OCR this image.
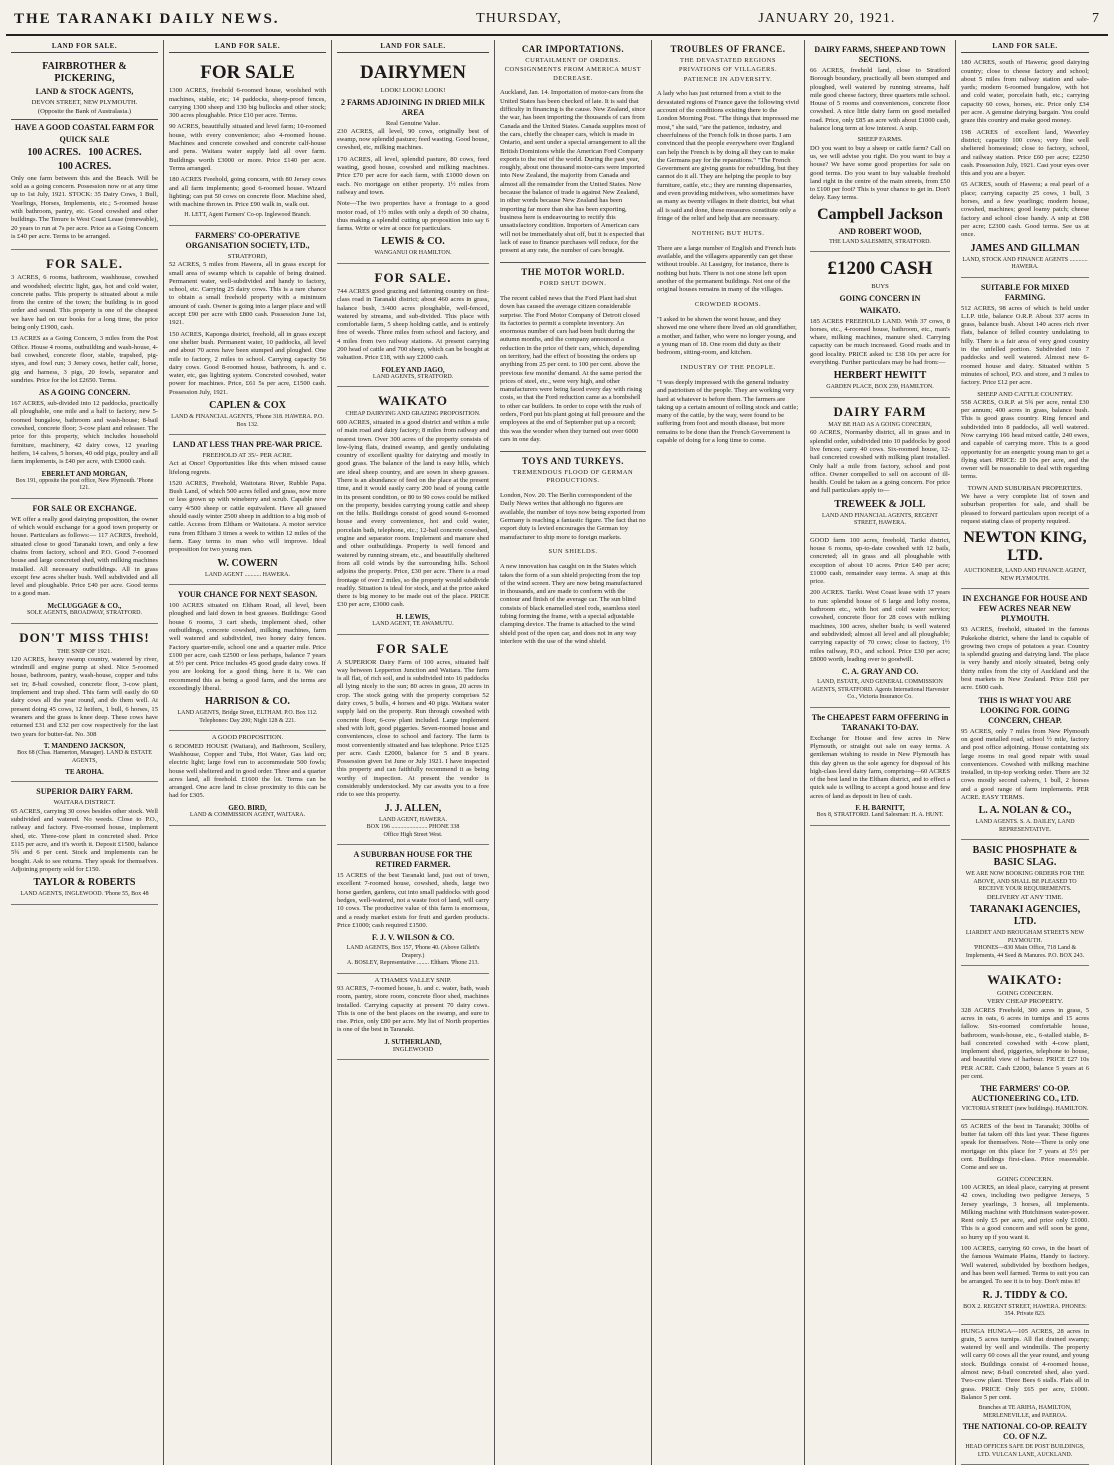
THE TARANAKI DAILY NEWS.	THURSDAY,	JANUARY 20, 1921.	7
LAND FOR SALE.
FAIRBROTHER & PICKERING,
LAND & STOCK AGENTS,
DEVON STREET, NEW PLYMOUTH.
(Opposite the Bank of Australasia.)
HAVE A GOOD COASTAL FARM FOR
QUICK SALE
100 ACRES. 100 ACRES.
100 ACRES.

Only one farm between this and the Beach. Will be sold as a going concern. Possession now or at any time up to 1st July, 1921. STOCK: 35 Dairy Cows, 1 Bull, Yearlings, Horses, Implements, etc.; 5-roomed house with bathroom, pantry, etc. Good cowshed and other buildings. The Tenure is West Coast Lease (renewable), 20 years to run at 7s per acre. Price as a Going Concern is £40 per acre. Terms to be arranged.

FOR SALE.

3 ACRES, 6 rooms, bathroom, washhouse, cowshed and woodshed; electric light, gas, hot and cold water, concrete paths. This property is situated about a mile from the centre of the town; the building is in good order and sound. This property is one of the cheapest we have had on our books for a long time, the price being only £1900, cash.

13 ACRES as a Going Concern, 3 miles from the Post Office. House 4 rooms, outbuilding and wash-house, 4-bail cowshed, concrete floor, stable, trapshed, pig-styes, and fowl run; 3 Jersey cows, heifer calf, horse, gig and harness, 3 pigs, 20 fowls, separator and sundries. Price for the lot £2650. Terms.

AS A GOING CONCERN.

167 ACRES, sub-divided into 12 paddocks, practically all ploughable, one mile and a half to factory; new 5-roomed bungalow, bathroom and wash-house; 8-bail cowshed, concrete floor; 3-cow plant and releaser. The price for this property, which includes household furniture, machinery, 42 dairy cows, 12 yearling heifers, 14 calves, 5 horses, 40 odd pigs, poultry and all farm implements, is £40 per acre, with £3000 cash.

EBERLET AND MORGAN,
Box 191, opposite the post office, New Plymouth. 'Phone 121.
FOR SALE OR EXCHANGE.

WE offer a really good dairying proposition, the owner of which would exchange for a good town property or house. Particulars as follows:— 117 ACRES, freehold, situated close to good Taranaki town, and only a few chains from factory, school and P.O. Good 7-roomed house and large concreted shed, with milking machines installed. All necessary outbuildings. All in grass except few acres shelter bush. Well subdivided and all level and ploughable. Price £40 per acre. Good terms to a good man.

McCLUGGAGE & CO.,
SOLE AGENTS, BROADWAY, STRATFORD.
DON'T MISS THIS!
THE SNIP OF 1921.

120 ACRES, heavy swamp country, watered by river, windmill and engine pump at shed. Nice 5-roomed house, bathroom, pantry, wash-house, copper and tubs set in; 8-bail cowshed, concrete floor, 3-cow plant, implement and trap shed. This farm will easily do 60 dairy cows all the year round, and do them well. At present doing 45 cows, 12 heifers, 1 bull, 6 horses, 15 weaners and the grass is knee deep. These cows have returned £31 and £32 per cow respectively for the last two years for butter-fat. No. 308

T. MANDENO JACKSON,
Box 68 (Chas. Hamerton, Manager). LAND & ESTATE AGENTS,
TE AROHA.
SUPERIOR DAIRY FARM.
WAITARA DISTRICT.

65 ACRES, carrying 30 cows besides other stock. Well subdivided and watered. No weeds. Close to P.O., railway and factory. Five-roomed house, implement shed, etc. Three-cow plant in concreted shed. Price £115 per acre, and it's worth it. Deposit £1500, balance 5¾ and 6 per cent. Stock and implements can be bought. Ask to see returns. They speak for themselves. Adjoining property sold for £150.

TAYLOR & ROBERTS
LAND AGENTS, INGLEWOOD. 'Phone 55, Box 48
LAND FOR SALE.
FOR SALE

1300 ACRES, freehold 6-roomed house, woolshed with machines, stable, etc; 14 paddocks, sheep-proof fences, carrying 1300 sheep and 130 big bullocks and other stock; 300 acres ploughable. Price £10 per acre. Terms.

90 ACRES, beautifully situated and level farm; 10-roomed house, with every convenience; also 4-roomed house. Machines and concrete cowshed and concrete calf-house and pens. Waitara water supply laid all over farm. Buildings worth £3000 or more. Price £140 per acre. Terms arranged.

180 ACRES Freehold, going concern, with 80 Jersey cows and all farm implements; good 6-roomed house. Wizard lighting; can put 50 cows on concrete floor. Machine shed, with machine thrown in. Price £90 walk in, walk out.

H. LETT, Agent Farmers' Co-op. Inglewood Branch.
FARMERS' CO-OPERATIVE ORGANISATION SOCIETY, LTD.,
STRATFORD,

52 ACRES, 5 miles from Hawera, all in grass except for small area of swamp which is capable of being drained. Permanent water, well-subdivided and handy to factory, school, etc. Carrying 25 dairy cows. This is a rare chance to obtain a small freehold property with a minimum amount of cash. Owner is going into a larger place and will accept £90 per acre with £800 cash. Possession June 1st, 1921.

150 ACRES, Kaponga district, freehold, all in grass except one shelter bush. Permanent water, 10 paddocks, all level and about 70 acres have been stumped and ploughed. One mile to factory, 2 miles to school. Carrying capacity 56 dairy cows. Good 8-roomed house, bathroom, h. and c. water, etc, gas lighting system. Concreted cowshed, water power for machines. Price, £61 5s per acre, £1500 cash. Possession July, 1921.

CAPLEN & COX
LAND & FINANCIAL AGENTS, 'Phone 318. HAWERA. P.O. Box 132.
LAND AT LESS THAN PRE-WAR PRICE.
FREEHOLD AT 35/- PER ACRE.

Act at Once! Opportunities like this when missed cause lifelong regrets.

1520 ACRES, Freehold, Waitotara River, Rubble Papa. Bush Land, of which 500 acres felled and grass, now more or less grown up with wineberry and scrub. Capable now carry 4/500 sheep or cattle equivalent. Have all grassed should easily winter 2500 sheep in addition to a big mob of cattle. Access from Eltham or Waitotara. A motor service runs from Eltham 3 times a week to within 12 miles of the farm. Easy terms to man who will improve. Ideal proposition for two young men.

W. COWERN
LAND AGENT ........... HAWERA.
YOUR CHANCE FOR NEXT SEASON.

100 ACRES situated on Eltham Road, all level, been ploughed and laid down in best grasses. Buildings: Good house 6 rooms, 3 cart sheds, implement shed, other outbuildings, concrete cowshed, milking machines, farm well watered and subdivided, two honey dairy fences. Factory quarter-mile, school one and a quarter mile. Price £100 per acre, cash £2500 or less perhaps, balance 7 years at 5½ per cent. Price includes 45 good grade dairy cows. If you are looking for a good thing, here it is. We can recommend this as being a good farm, and the terms are exceedingly liberal.

HARRISON & CO.
LAND AGENTS, Bridge Street, ELTHAM. P.O. Box 112. Telephones: Day 200; Night 128 & 221.
A GOOD PROPOSITION.

6 ROOMED HOUSE (Waitara), and Bathroom, Scullery, Washhouse, Copper and Tubs, Hot Water, Gas laid on; electric light; large fowl run to accommodate 500 fowls; house well sheltered and in good order. Three and a quarter acres land, all freehold. £1600 the lot. Terms can be arranged. One acre land in close proximity to this can be had for £305.

GEO. BIRD,
LAND & COMMISSION AGENT, WAITARA.
LAND FOR SALE.
DAIRYMEN
LOOK! LOOK! LOOK!
2 FARMS ADJOINING IN DRIED MILK AREA
Real Genuine Value.

230 ACRES, all level, 90 cows, originally best of swamp, now splendid pasture; feed wasting. Good house, cowshed, etc, milking machines.

170 ACRES, all level, splendid pasture, 80 cows, feed wasting, good house, cowshed and milking machines. Price £70 per acre for each farm, with £1000 down on each. No mortgage on either property. 1½ miles from railway and town.

Note—The two properties have a frontage to a good motor road, of 1½ miles with only a depth of 30 chains, thus making a splendid cutting up proposition into say 6 farms. Write or wire at once for particulars.

LEWIS & CO.
WANGANUI OR HAMILTON.
FOR SALE.

744 ACRES good grazing and fattening country on first-class road in Taranaki district; about 460 acres in grass, balance bush, 3/400 acres ploughable, well-fenced, watered by streams, and sub-divided. This place with comfortable farm, 5 sheep holding cattle, and is entirely free of weeds. Three miles from school and factory, and 4 miles from two railway stations. At present carrying 200 head of cattle and 700 sheep, which can be bought at valuation. Price £18, with say £2000 cash.

FOLEY AND JAGO,
LAND AGENTS, STRATFORD.
WAIKATO
CHEAP DAIRYING AND GRAZING PROPOSITION.

600 ACRES, situated in a good district and within a mile of main road and dairy factory; 8 miles from railway and nearest town. Over 300 acres of the property consists of low-lying flats, drained swamp, and gently undulating country of excellent quality for dairying and mostly in good grass. The balance of the land is easy hills, which are ideal sheep country, and are sown in sheep grasses. There is an abundance of feed on the place at the present time, and it would easily carry 200 head of young cattle in its present condition, or 80 to 90 cows could be milked on the property, besides carrying young cattle and sheep on the hills. Buildings consist of good sound 6-roomed house and every convenience, hot and cold water, porcelain bath, telephone, etc.; 12-bail concrete cowshed, engine and separator room. Implement and manure shed and other outbuildings. Property is well fenced and watered by running stream, etc., and beautifully sheltered from all cold winds by the surrounding hills. School adjoins the property. Price, £30 per acre. There is a road frontage of over 2 miles, so the property would subdivide readily. Situation is ideal for stock, and at the price asked there is big money to be made out of the place. PRICE £30 per acre, £3000 cash.

H. LEWIS,
LAND AGENT, TE AWAMUTU.
FOR SALE

A SUPERIOR Dairy Farm of 100 acres, situated half way between Lepperton Junction and Waitara. The farm is all flat, of rich soil, and is subdivided into 16 paddocks all lying nicely to the sun; 80 acres in grass, 20 acres in crop. The stock going with the property comprises 52 dairy cows, 5 bulls, 4 horses and 40 pigs. Waitara water supply laid on the property. Run through cowshed with concrete floor, 6-cow plant included. Large implement shed with loft, good piggeries. Seven-roomed house and conveniences, close to school and factory. The farm is most conveniently situated and has telephone. Price £125 per acre. Cash £2000, balance for 5 and 8 years. Possession given 1st June or July 1921. I have inspected this property and can faithfully recommend it as being worthy of inspection. At present the vendor is considerably understocked. My car awaits you to a free ride to see this property.

J. J. ALLEN,
LAND AGENT, HAWERA.
BOX 196 ........................ PHONE 338
Office High Street West.
A SUBURBAN HOUSE FOR THE RETIRED FARMER.

15 ACRES of the best Taranaki land, just out of town, excellent 7-roomed house, cowshed, sheds, large two horse garden, gardens, cut into small paddocks with good hedges, well-watered, not a waste foot of land, will carry 10 cows. The productive value of this farm is enormous, and a ready market exists for fruit and garden products. Price £1000; cash required £1500.

F. J. V. WILSON & CO.
LAND AGENTS, Box 157, 'Phone 40. (Above Gillett's Drapery.)
A. BOSLEY, Representative ........ Eltham. 'Phone 213.
A THAMES VALLEY SNIP.

93 ACRES, 7-roomed house, h. and c. water, bath, wash room, pantry, store room, concrete floor shed, machines installed. Carrying capacity at present 70 dairy cows. This is one of the best places on the swamp, and sure to rise. Price, only £80 per acre. My list of North properties is one of the best in Taranaki.

J. SUTHERLAND,
INGLEWOOD
CAR IMPORTATIONS.
CURTAILMENT OF ORDERS.
CONSIGNMENTS FROM AMERICA MUST DECREASE.

Auckland, Jan. 14. Importation of motor-cars from the United States has been checked of late. It is said that difficulty in financing is the cause. New Zealand, since the war, has been importing the thousands of cars from Canada and the United States. Canada supplies most of the cars, chiefly the cheaper cars, which is made in Ontario, and sent under a special arrangement to all the British Dominions while the American Ford Company exports to the rest of the world. During the past year, roughly, about one thousand motor-cars were imported into New Zealand, the majority from Canada and almost all the remainder from the United States. Now because the balance of trade is against New Zealand, in other words because New Zealand has been importing far more than she has been exporting, business here is endeavouring to rectify this unsatisfactory condition. Importers of American cars will not be immediately shut off, but it is expected that lack of ease to finance purchases will reduce, for the present at any rate, the number of cars brought.

THE MOTOR WORLD.
FORD SHUT DOWN.

The recent cabled news that the Ford Plant had shut down has caused the average citizen considerable surprise. The Ford Motor Company of Detroit closed its factories to permit a complete inventory. An enormous number of cars had been built during the autumn months, and the company announced a reduction in the price of their cars, which, depending on territory, had the effect of boosting the orders up anything from 25 per cent. to 100 per cent. above the previous few months' demand. At the same period the prices of steel, etc., were very high, and other manufacturers were being faced every day with rising costs, so that the Ford reduction came as a bombshell to other car builders. In order to cope with the rush of orders, Ford put his plant going at full pressure and the employees at the end of September put up a record; this was the wonder when they turned out over 6000 cars in one day.

TOYS AND TURKEYS.
TREMENDOUS FLOOD OF GERMAN PRODUCTIONS.

London, Nov. 20. The Berlin correspondent of the Daily News writes that although no figures are available, the number of toys now being exported from Germany is reaching a fantastic figure. The fact that no export duty is levied encourages the German toy manufacturer to ship more to foreign markets.

SUN SHIELDS.

A new innovation has caught on in the States which takes the form of a sun shield projecting from the top of the wind screen. They are now being manufactured in thousands, and are made to conform with the contour and finish of the average car. The sun blind consists of black enamelled steel rods, seamless steel tubing forming the frame, with a special adjustable clamping device. The frame is attached to the wind shield post of the open car, and does not in any way interfere with the use of the wind shield.

TROUBLES OF FRANCE.
THE DEVASTATED REGIONS
PRIVATIONS OF VILLAGERS.
PATIENCE IN ADVERSITY.

A lady who has just returned from a visit to the devastated regions of France gave the following vivid account of the conditions existing there to the London Morning Post. "The things that impressed me most," she said, "are the patience, industry, and cheerfulness of the French folk in those parts. I am convinced that the people everywhere over England can help the French is by doing all they can to make the Germans pay for the reparations." "The French Government are giving grants for rebuilding, but they cannot do it all. They are helping the people to buy furniture, cattle, etc.; they are running dispensaries, and even providing midwives, who sometimes have as many as twenty villages in their district, but what all is said and done, these measures constitute only a fringe of the relief and help that are necessary.

NOTHING BUT HUTS.

There are a large number of English and French huts available, and the villagers apparently can get these without trouble. At Lassigny, for instance, there is nothing but huts. There is not one stone left upon another of the permanent buildings. Not one of the original houses remains in many of the villages.

CROWDED ROOMS.

"I asked to be shown the worst house, and they showed me one where there lived an old grandfather, a mother, and father, who were no longer young, and a young man of 18. One room did duty as their bedroom, sitting-room, and kitchen.

INDUSTRY OF THE PEOPLE.

"I was deeply impressed with the general industry and patriotism of the people. They are working very hard at whatever is before them. The farmers are taking up a certain amount of rolling stock and cattle; many of the cattle, by the way, were found to be suffering from foot and mouth disease, but more remains to be done than the French Government is capable of doing for a long time to come.

DAIRY FARMS, SHEEP AND TOWN SECTIONS.

66 ACRES, freehold land, close to Stratford Borough boundary, practically all been stumped and ploughed, well watered by running streams, half mile good cheese factory, three quarters mile school. House of 5 rooms and conveniences, concrete floor cowshed. A nice little dairy farm on good metalled road. Price, only £85 an acre with about £1000 cash, balance long term at low interest. A snip.

SHEEP FARMS.

DO you want to buy a sheep or cattle farm? Call on us, we will advise you right. Do you want to buy a house? We have some good properties for sale on good terms. Do you want to buy valuable freehold land right in the centre of the main streets, from £50 to £100 per foot? This is your chance to get in. Don't delay. Easy terms.

Campbell Jackson
AND ROBERT WOOD,
THE LAND SALESMEN, STRATFORD.
£1200 CASH
BUYS
GOING CONCERN IN
WAIKATO.

185 ACRES FREEHOLD LAND. With 37 cows, 8 horses, etc., 4-roomed house, bathroom, etc., man's whare, milking machines, manure shed. Carrying capacity can be much increased. Good roads and in good locality. PRICE asked is: £38 10s per acre for everything. Further particulars may be had from:—

HERBERT HEWITT
GARDEN PLACE, BOX 239, HAMILTON.
DAIRY FARM
MAY BE HAD AS A GOING CONCERN,

60 ACRES, Normanby district, all in grass and in splendid order, subdivided into 10 paddocks by good live fences; carry 40 cows. Six-roomed house, 12-bail concreted cowshed with milking plant installed. Only half a mile from factory, school and post office. Owner compelled to sell on account of ill-health. Could be taken as a going concern. For price and full particulars apply to—

TREWEEK & JOLL
LAND AND FINANCIAL AGENTS, REGENT STREET, HAWERA.

GOOD farm 100 acres, freehold, Tariki district, house 6 rooms, up-to-date cowshed with 12 bails, concreted; all in grass and all ploughable with exception of about 10 acres. Price £40 per acre; £1000 cash, remainder easy terms. A snap at this price.

200 ACRES. Tariki. West Coast lease with 17 years to run: splendid house of 6 large and lofty rooms, bathroom etc., with hot and cold water service; cowshed, concrete floor for 28 cows with milking machines, 100 acres, shelter bush; is well watered and subdivided; almost all level and all ploughable; carrying capacity of 70 cows; close to factory, 1½ miles railway, P.O., and school. Price £30 per acre; £8000 worth, leading over to goodwill.

C. A. GRAY AND CO.
LAND, ESTATE, AND GENERAL COMMISSION AGENTS, STRATFORD. Agents International Harvester Co., Victoria Insurance Co.
The CHEAPEST FARM OFFERING in TARANAKI TO-DAY.

Exchange for House and few acres in New Plymouth, or straight out sale on easy terms. A gentleman wishing to reside in New Plymouth has this day given us the sole agency for disposal of his high-class level dairy farm, comprising—60 ACRES of the best land in the Eltham district, and to effect a quick sale is willing to accept a good house and few acres of land as deposit in lieu of cash.

F. H. BARNITT,
Box 8, STRATFORD. Land Salesman: H. A. HUNT.
LAND FOR SALE.

180 ACRES, south of Hawera; good dairying country; close to cheese factory and school; about 5 miles from railway station and sale-yards; modern 6-roomed bungalow, with hot and cold water, porcelain bath, etc.; carrying capacity 60 cows, horses, etc. Price only £34 per acre. A genuine dairying bargain. You could graze this country and make good money.

198 ACRES of excellent land, Waverley district; capacity 100 cows; very fine well sheltered homestead; close to factory, school, and railway station. Price £60 per acre; £2250 cash. Possession July, 1921. Cast your eyes over this and you are a buyer.

65 ACRES, south of Hawera; a real pearl of a place; carrying capacity 25 cows, 1 bull, 3 horses, and a few yearlings; modern house, cowshed, machines; good loamy patch; cheese factory and school close handy. A snip at £98 per acre; £2300 cash. Good terms. See us at once.

JAMES AND GILLMAN
LAND, STOCK AND FINANCE AGENTS ............ HAWERA.
SUITABLE FOR MIXED FARMING.

512 ACRES, 98 acres of which is held under L.I.P. title, balance O.R.P. About 337 acres in grass, balance bush. About 140 acres rich river flats, balance of felled country undulating to hilly. There is a fair area of very good country in the unfelled portion. Subdivided into 7 paddocks and well watered. Almost new 6-roomed house and dairy. Situated within 5 minutes of school, P.O. and store, and 3 miles to factory. Price £12 per acre.

SHEEP AND CATTLE COUNTRY.

558 ACRES, O.R.P. at 5¾ per acre, rental £30 per annum; 400 acres in grass, balance bush. This is good grass country. Ring fenced and subdivided into 8 paddocks, all well watered. Now carrying 166 head mixed cattle, 240 ewes, and capable of carrying more. This is a good opportunity for an energetic young man to get a flying start. PRICE: £8 10s per acre, and the owner will be reasonable to deal with regarding terms.

TOWN AND SUBURBAN PROPERTIES.

We have a very complete list of town and suburban properties for sale, and shall be pleased to forward particulars upon receipt of a request stating class of property required.

NEWTON KING, LTD.
AUCTIONEER, LAND AND FINANCE AGENT, NEW PLYMOUTH.
IN EXCHANGE FOR HOUSE AND FEW ACRES NEAR NEW PLYMOUTH.

93 ACRES, freehold, situated in the famous Pukekohe district, where the land is capable of growing two crops of potatoes a year. Country is splendid grazing and dairying land. The place is very handy and nicely situated, being only thirty miles from the city of Auckland and the best markets in New Zealand. Price £60 per acre. £600 cash.

THIS IS WHAT YOU ARE LOOKING FOR. GOING CONCERN, CHEAP.

95 ACRES, only 7 miles from New Plymouth on good metalled road, school ½ mile, factory and post office adjoining. House containing six large rooms in real good repair with usual conveniences. Cowshed with milking machine installed, in tip-top working order. There are 32 cows mostly second calvers, 1 bull, 2 horses and a good range of farm implements. PER ACRE. EASY TERMS.

L. A. NOLAN & CO.,
LAND AGENTS. S. A. DAILEY, LAND REPRESENTATIVE.
BASIC PHOSPHATE & BASIC SLAG.
WE ARE NOW BOOKING ORDERS FOR THE ABOVE, AND SHALL BE PLEASED TO RECEIVE YOUR REQUIREMENTS.
DELIVERY AT ANY TIME.
TARANAKI AGENCIES, LTD.
LIARDET AND BROUGHAM STREETS NEW PLYMOUTH.
'PHONES—830 Main Office, 718 Land & Implements, 44 Seed & Manures. P.O. BOX 243.
WAIKATO:
GOING CONCERN.
VERY CHEAP PROPERTY.

328 ACRES Freehold, 300 acres in grass, 5 acres in oats, 6 acres in turnips and 15 acres fallow. Six-roomed comfortable house, bathroom, wash-house, etc., 6-stalled stable, 8-bail concreted cowshed with 4-cow plant, implement shed, piggeries, telephone to house, and beautiful view of harbour. PRICE £27 10s PER ACRE. Cash £2000, balance 5 years at 6 per cent.

THE FARMERS' CO-OP. AUCTIONEERING CO., LTD.
VICTORIA STREET (new buildings). HAMILTON.

65 ACRES of the best in Taranaki; 300lbs of butter fat taken off this last year. These figures speak for themselves. Note—There is only one mortgage on this place for 7 years at 5½ per cent. Buildings first-class. Price reasonable. Come and see us.

GOING CONCERN.

100 ACRES, an ideal place, carrying at present 42 cows, including two pedigree Jerseys, 5 Jersey yearlings, 3 horses, all implements. Milking machine with Hutchinson water-power. Rent only £5 per acre, and price only £1000. This is a good concern and will soon be gone, so hurry up if you want it.

100 ACRES, carrying 60 cows, in the heart of the famous Waimate Plains, Handy to factory. Well watered, subdivided by boxthorn hedges, and has been well farmed. Terms to suit you can be arranged. To see it is to buy. Don't miss it!

R. J. TIDDY & CO.
BOX 2. REGENT STREET, HAWERA. PHONES: 354. Private 823.

HUNGA HUNGA—105 ACRES, 28 acres in grain, 5 acres turnips. All flat drained swamp; watered by well and windmills. The property will carry 60 cows all the year round, and young stock. Buildings consist of 4-roomed house, almost new; 8-bail concreted shed, also yard. Two-cow plant. Three Bees 6 stalls. Flats all in grass. PRICE Only £65 per acre, £1000. Balance 5 per cent.

Branches at TE ARIHA, HAMILTON, MERLENEVILLE, and PAEROA.
THE NATIONAL CO-OP. REALTY CO. OF N.Z.
HEAD OFFICES SAFE DE POST BUILDINGS, LTD. VULCAN LANE, AUCKLAND.
